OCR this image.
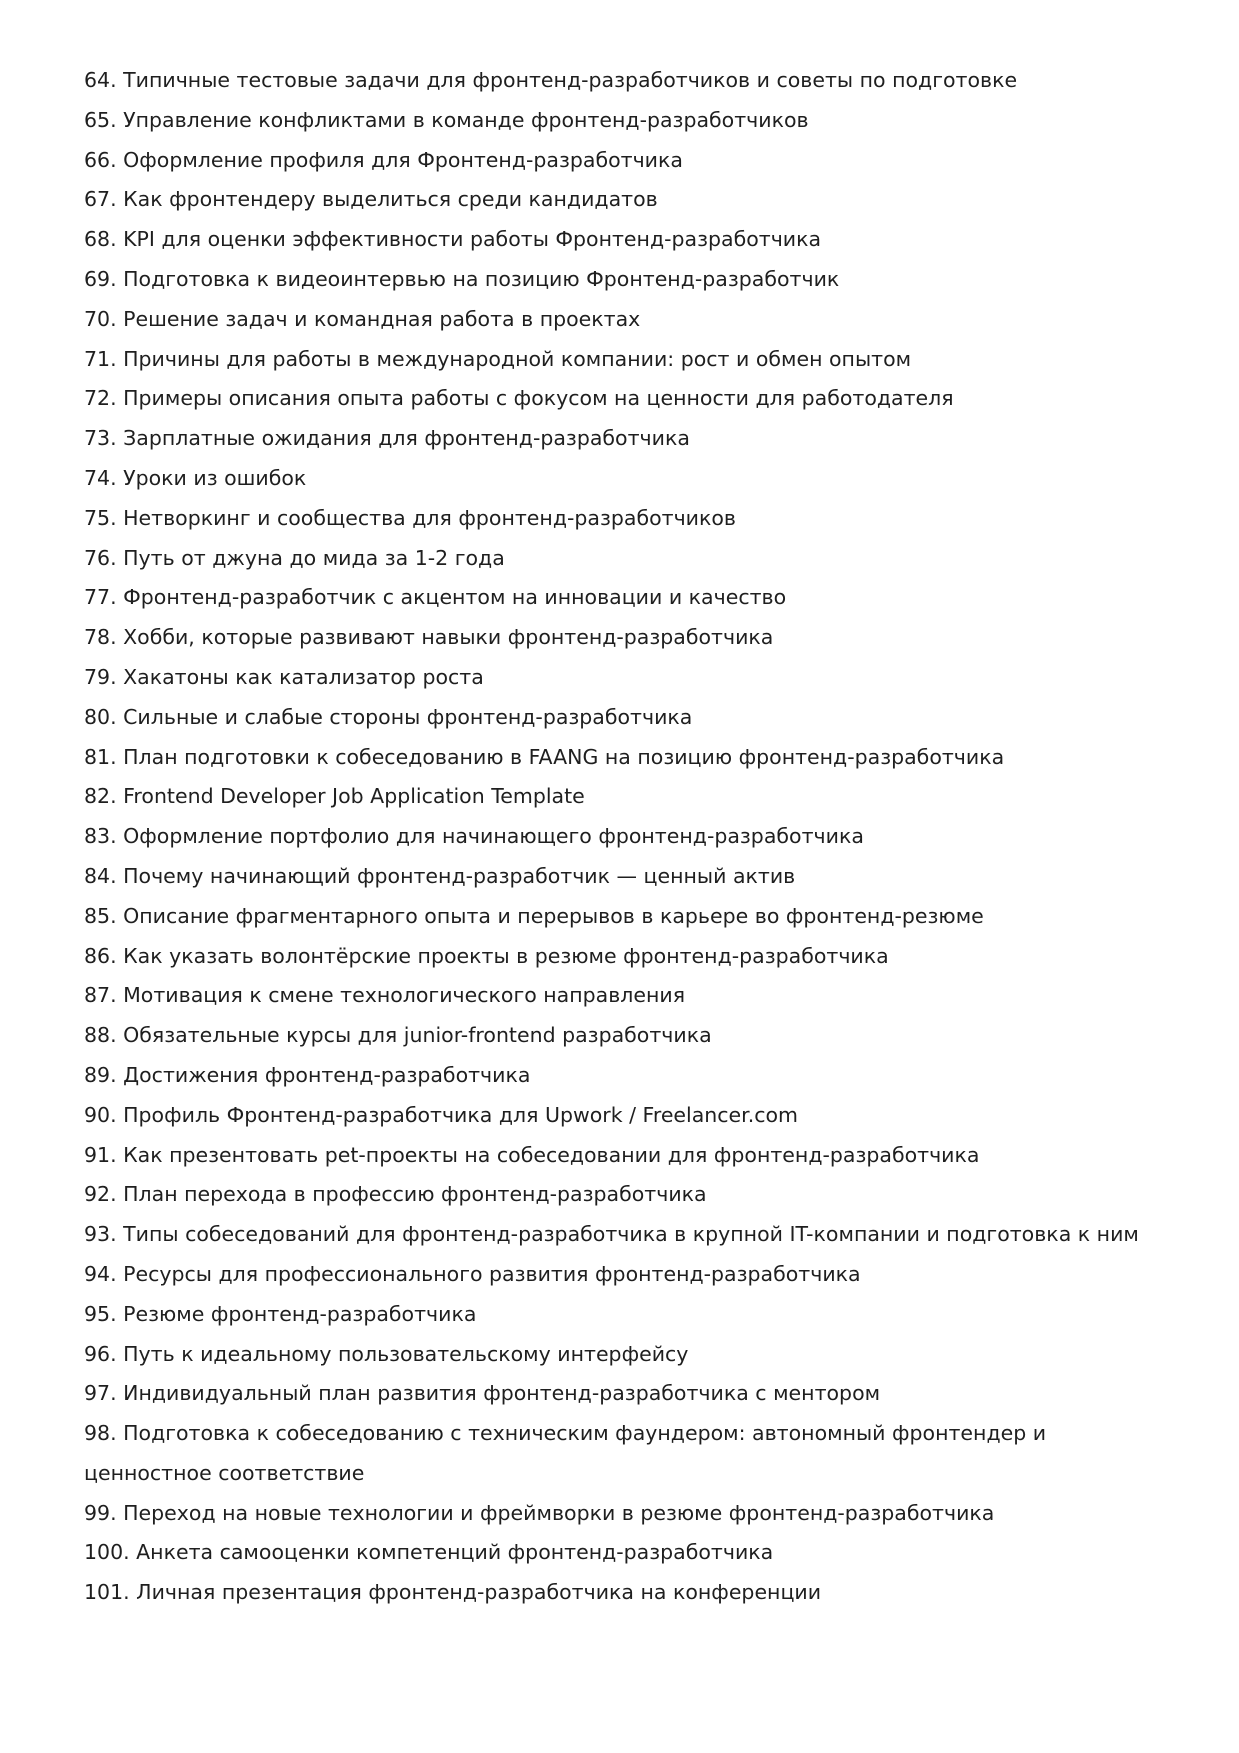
64. Типичные тестовые задачи для фронтенд-разработчиков и советы по подготовке
65. Управление конфликтами в команде фронтенд-разработчиков
66. Оформление профиля для Фронтенд-разработчика
67. Как фронтендеру выделиться среди кандидатов
68. KPI для оценки эффективности работы Фронтенд-разработчика
69. Подготовка к видеоинтервью на позицию Фронтенд-разработчик
70. Решение задач и командная работа в проектах
71. Причины для работы в международной компании: рост и обмен опытом
72. Примеры описания опыта работы с фокусом на ценности для работодателя
73. Зарплатные ожидания для фронтенд-разработчика
74. Уроки из ошибок
75. Нетворкинг и сообщества для фронтенд-разработчиков
76. Путь от джуна до мида за 1-2 года
77. Фронтенд-разработчик с акцентом на инновации и качество
78. Хобби, которые развивают навыки фронтенд-разработчика
79. Хакатоны как катализатор роста
80. Сильные и слабые стороны фронтенд-разработчика
81. План подготовки к собеседованию в FAANG на позицию фронтенд-разработчика
82. Frontend Developer Job Application Template
83. Оформление портфолио для начинающего фронтенд-разработчика
84. Почему начинающий фронтенд-разработчик — ценный актив
85. Описание фрагментарного опыта и перерывов в карьере во фронтенд-резюме
86. Как указать волонтёрские проекты в резюме фронтенд-разработчика
87. Мотивация к смене технологического направления
88. Обязательные курсы для junior-frontend разработчика
89. Достижения фронтенд-разработчика
90. Профиль Фронтенд-разработчика для Upwork / Freelancer.com
91. Как презентовать pet-проекты на собеседовании для фронтенд-разработчика
92. План перехода в профессию фронтенд-разработчика
93. Типы собеседований для фронтенд-разработчика в крупной IT-компании и подготовка к ним
94. Ресурсы для профессионального развития фронтенд-разработчика
95. Резюме фронтенд-разработчика
96. Путь к идеальному пользовательскому интерфейсу
97. Индивидуальный план развития фронтенд-разработчика с ментором
98. Подготовка к собеседованию с техническим фаундером: автономный фронтендер и ценностное соответствие
99. Переход на новые технологии и фреймворки в резюме фронтенд-разработчика
100. Анкета самооценки компетенций фронтенд-разработчика
101. Личная презентация фронтенд-разработчика на конференции
